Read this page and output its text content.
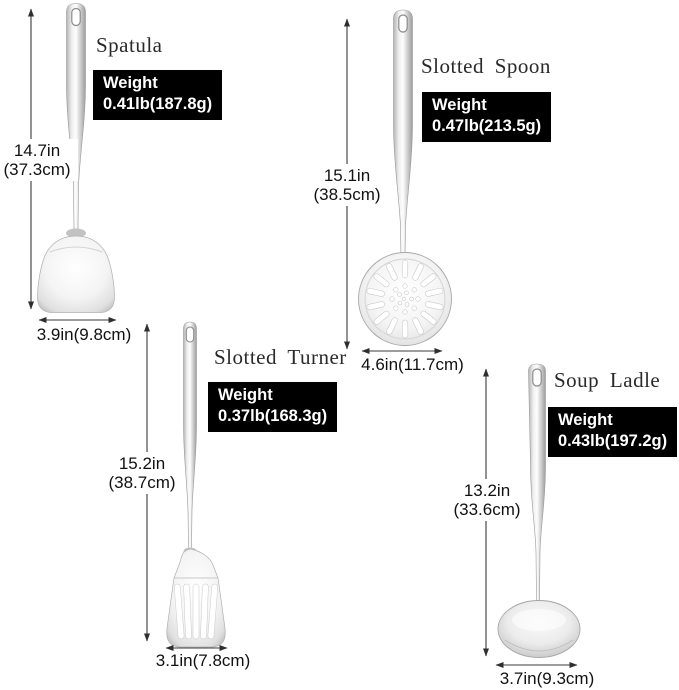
Spatula
Weight
0.41lb(187.8g)
14.7in
(37.3cm)
3.9in(9.8cm)
Slotted Spoon
Weight
0.47lb(213.5g)
15.1in
(38.5cm)
4.6in(11.7cm)
Slotted Turner
Weight
0.37lb(168.3g)
15.2in
(38.7cm)
3.1in(7.8cm)
Soup Ladle
Weight
0.43lb(197.2g)
13.2in
(33.6cm)
3.7in(9.3cm)
